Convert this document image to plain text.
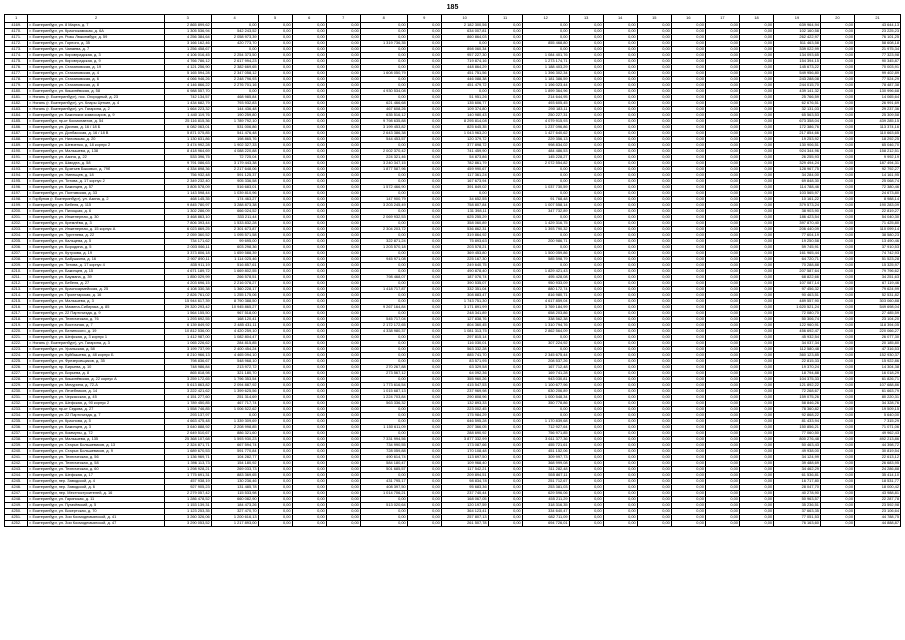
185
1	2	3	4	5	6	7	8	9	10	11	12	13	14	15	16	17	18	19	20	21
4169.	г. Екатеринбург, ул. 8 Марта, д. 7	2 865 899,62	0,00	0,00	0,00	0,00	0,00	0,00	2 182 300,56	0,00	0,00	0,00	0,00	0,00	0,00	0,00	0,00	639 964,94	0,00	43 644,13
4170.	г. Екатеринбург, ул. Краснокамская, д. 6А	1 305 536,94	542 243,52	0,00	0,00	0,00	0,00	0,00	634 007,81	0,00	0,00	0,00	0,00	0,00	0,00	0,00	0,00	102 160,58	0,00	23 225,23
4171.	г. Екатеринбург, ул. Розы Люксембург, д. 59	4 256 384,64	2 058 973,39	0,00	0,00	0,00	0,00	0,00	860 864,03	0,00	0,00	0,00	0,00	0,00	0,00	0,00	0,00	262 422,97	0,00	76 101,25
4172.	г. Екатеринбург, ул. Горного, д. 35	3 166 162,46	420 773,70	0,00	0,00	0,00	1 319 736,35	0,00	0,00	0,00	855 468,80	0,00	0,00	0,00	0,00	0,00	0,00	511 463,58	0,00	58 608,18
4173.	г. Екатеринбург, ул. Чапаева, д. 7	1 256 458,67	0,00	0,00	0,00	0,00	0,00	0,00	898 060,34	0,00	0,00	0,00	0,00	0,00	0,00	0,00	0,00	339 022,99	0,00	21 975,34
4174.	г. Екатеринбург, ул. Кировградская, д. 3	4 106 016,45	2 254 373,50	0,00	0,00	0,00	0,00	0,00	957 227,30	0,00	1 084 401,76	0,00	0,00	0,00	0,00	0,00	0,00	134 093,65	0,00	77 323,98
4175.	г. Екатеринбург, ул. Кировградская, д. 9	4 766 786,12	2 617 994,23	0,00	0,00	0,00	0,00	0,00	719 874,16	0,00	1 273 174,71	0,00	0,00	0,00	0,00	0,00	0,00	154 394,15	0,00	90 345,87
4176.	г. Екатеринбург, ул. Стахановская, д. 19	4 121 256,90	2 382 669,65	0,00	0,00	0,00	0,00	0,00	448 864,29	0,00	1 188 403,29	0,00	0,00	0,00	0,00	0,00	0,00	145 673,22	0,00	70 003,91
4177.	г. Екатеринбург, ул. Стахановская, д. 4	5 165 594,28	2 347 058,12	0,00	0,00	0,00	1 608 050,79	0,00	451 751,56	0,00	1 396 302,34	0,00	0,00	0,00	0,00	0,00	0,00	549 956,80	0,00	99 402,89
4178.	г. Екатеринбург, ул. Стахановская, д. 6	4 066 946,26	2 248 796,93	0,00	0,00	0,00	0,00	0,00	446 088,38	0,00	1 181 386,59	0,00	0,00	0,00	0,00	0,00	0,00	243 288,08	0,00	77 524,29
4179.	г. Екатеринбург, ул. Стахановская, д. 8	4 146 866,22	2 276 701,16	0,00	0,00	0,00	0,00	0,00	451 479,72	0,00	1 196 023,44	0,00	0,00	0,00	0,00	0,00	0,00	244 015,70	0,00	78 487,38
4180.	г. Екатеринбург, ул. Кишинёвская, д. 58	6 988 557,70	0,00	0,00	0,00	0,00	4 930 534,08	0,00	0,00	0,00	1 899 364,96	0,00	0,00	0,00	0,00	0,00	0,00	439 141,32	0,00	130 996,68
4181.	г. Нягань (г. Екатеринбург), пос. Огородный, д. 23	742 134,57	468 985,84	0,00	0,00	0,00	0,00	0,00	51 951,26	0,00	214 644,95	0,00	0,00	0,00	0,00	0,00	0,00	25 766,59	0,00	14 065,64
4182.	г. Нягань (г. Екатеринбург), ул. Клары Цеткин, д. 4	1 434 682,79	793 932,83	0,00	0,00	0,00	621 466,68	0,00	135 606,77	0,00	493 605,45	0,00	0,00	0,00	0,00	0,00	0,00	62 676,51	0,00	26 991,69
4183.	г. Нягань (г. Екатеринбург), ул. Гагарина, д. 2	1 664 223,32	144 436,48	0,00	0,00	0,00	467 608,26	0,00	109 374,80	0,00	290 183,11	0,00	0,00	0,00	0,00	0,00	0,00	32 131,03	0,00	29 237,36
4184.	г. Екатеринбург, ул. Бакинских комиссаров, д. 9	1 440 119,76	190 259,80	0,00	0,00	0,00	635 516,12	0,00	140 980,43	0,00	250 227,31	0,00	0,00	0,00	0,00	0,00	0,00	65 563,53	0,00	25 309,58
4185.	г. Екатеринбург, пр-кт Космонавтов, д. 54	25 116 815,36	1 789 792,10	0,00	0,00	0,00	9 798 635,88	0,00	8 295 814,08	0,00	4 079 915,93	0,00	0,00	0,00	0,00	0,00	0,00	673 358,04	0,00	439 285,15
4186.	г. Екатеринбург, ул. Дачная, д. 16 / 18 Б	6 082 063,01	531 006,86	0,00	0,00	0,00	3 199 453,82	0,00	825 645,35	0,00	1 237 096,86	0,00	0,00	0,00	0,00	0,00	0,00	172 386,76	0,00	113 374,16
4187.	г. Екатеринбург, ул. Донбасская, д. 16 / 18 В	5 871 075,85	541 476,48	0,00	0,00	0,00	2 643 386,38	0,00	1 043 963,20	0,00	1 427 640,62	0,00	0,00	0,00	0,00	0,00	0,00	217 854,66	0,00	110 663,65
4188.	г. Екатеринбург, ул. Ниловская, д. 20	1 130 631,86	198 865,76	0,00	0,00	0,00	544 453,57	0,00	120 379,72	0,00	229 356,13	0,00	0,00	0,00	0,00	0,00	0,00	19 253,92	0,00	18 292,25
4189.	г. Екатеринбург, ул. Шевченко, д. 18 корпус 2	3 474 992,28	1 902 327,33	0,00	0,00	0,00	0,00	0,00	377 898,72	0,00	998 834,02	0,00	0,00	0,00	0,00	0,00	0,00	130 906,51	0,00	65 046,70
4190.	г. Екатеринбург, ул. Малышева, д. 138	8 418 964,69	4 088 220,88	0,00	0,00	0,00	2 002 370,42	0,00	741 459,90	0,00	484 486,53	0,00	0,00	0,00	0,00	0,00	0,00	924 344,96	0,00	158 212,51
4191.	г. Екатеринбург, ул. Азина, д. 22	533 396,75	72 725,04	0,00	0,00	0,00	224 321,46	0,00	54 873,86	0,00	145 228,27	0,00	0,00	0,00	0,00	0,00	0,00	26 255,93	0,00	9 992,19
4192.	г. Екатеринбург, ул. Шмидта, д. 58	9 791 086,63	3 179 443,38	0,00	0,00	0,00	3 240 347,15	0,00	782 861,79	0,00	2 072 554,82	0,00	0,00	0,00	0,00	0,00	0,00	329 494,24	0,00	187 494,31
4193.	г. Екатеринбург, ул. Братьев Быковых, д. 79б	4 334 898,36	2 217 648,06	0,00	0,00	0,00	1 877 587,96	0,00	459 990,67	0,00	0,00	0,00	0,00	0,00	0,00	0,00	0,00	128 967,75	0,00	92 792,27
4194.	г. Екатеринбург, ул. Умельцев, д. 18	756 932,48	591 125,37	0,00	0,00	0,00	0,00	0,00	117 361,24	0,00	0,00	0,00	0,00	0,00	0,00	0,00	0,00	34 284,00	0,00	14 161,95
4195.	г. Екатеринбург, ул. Титова, д. 17 корпус 2	2 349 232,40	905 336,58	0,00	0,00	0,00	0,00	0,00	167 673,94	0,00	0,00	0,00	0,00	0,00	0,00	0,00	0,00	69 848,30	0,00	25 068,74
4196.	г. Екатеринбург, ул. Бакинцев, д. 57	3 805 578,09	516 683,01	0,00	0,00	0,00	1 572 466,90	0,00	391 849,02	0,00	1 037 730,59	0,00	0,00	0,00	0,00	0,00	0,00	114 788,46	0,00	72 380,46
4197.	г. Екатеринбург, ул. Полтавская, д. 33	1 143 598,44	1 039 810,96	0,00	0,00	0,00	0,00	0,00	0,00	0,00	0,00	0,00	0,00	0,00	0,00	0,00	0,00	103 565,97	0,00	24 673,80
4198.	г. Горбунов (г. Екатеринбург), ул. Азина, д. 2	468 145,35	174 463,27	0,00	0,00	0,00	147 900,79	0,00	34 652,55	0,00	91 768,48	0,00	0,00	0,00	0,00	0,00	0,00	10 161,22	0,00	8 988,14
4199.	г. Екатеринбург, ул. Бебеля, д. 115	9 845 780,97	3 288 873,38	0,00	0,00	0,00	3 203 245,49	0,00	758 807,84	0,00	1 007 558,14	0,00	0,00	0,00	0,00	0,00	0,00	379 573,24	0,00	190 283,09
4200.	г. Екатеринбург, ул. Пихоцкая, д. 6	1 302 286,09	666 024,52	0,00	0,00	0,00	0,00	0,00	131 398,11	0,00	347 732,89	0,00	0,00	0,00	0,00	0,00	0,00	38 903,90	0,00	22 819,27
4201.	г. Екатеринбург, ул. Инженерная, д. 30	3 468 863,10	333 211,44	0,00	0,00	0,00	2 069 932,53	0,00	625 255,29	0,00	0,00	0,00	0,00	0,00	0,00	0,00	0,00	186 423,54	0,00	54 040,30
4202.	г. Екатеринбург, ул. Кремлёва, д. 3	7 806 393,44	1 533 832,28	0,00	0,00	0,00	0,00	0,00	358 060,89	0,00	1 429 316,75	0,00	0,00	0,00	0,00	0,00	0,00	397 870,40	0,00	71 425,80
4203.	г. Екатеринбург, ул. Инженерная, д. 15 корпус А	6 023 869,25	2 301 673,87	0,00	0,00	0,00	2 304 203,72	0,00	536 862,31	0,00	1 393 790,32	0,00	0,00	0,00	0,00	0,00	0,00	206 440,09	0,00	110 099,14
4204.	г. Екатеринбург, ул. Тургенева, д. 22	2 059 360,52	1 095 571,58	0,00	0,00	0,00	0,00	0,00	319 864,92	0,00	0,00	0,00	0,00	0,00	0,00	0,00	0,00	77 604,19	0,00	38 580,23
4205.	г. Екатеринбург, ул. Кальцева, д. 5	734 171,62	99 695,00	0,00	0,00	0,00	322 871,24	0,00	75 893,63	0,00	200 986,71	0,00	0,00	0,00	0,00	0,00	0,00	19 250,58	0,00	13 490,46
4206.	г. Екатеринбург, ул. Бородина, д. 5	2 003 066,11	603 298,36	0,00	0,00	0,00	1 203 570,18	0,00	203 578,21	0,00	0,00	0,00	0,00	0,00	0,00	0,00	0,00	59 745,91	0,00	37 910,53
4207.	г. Екатеринбург, ул. Кутузова, д. 19	3 373 806,18	1 659 588,39	0,00	0,00	0,00	0,00	0,00	369 453,80	0,00	1 500 059,86	0,00	0,00	0,00	0,00	0,00	0,00	161 965,44	0,00	74 742,93
4208.	г. Екатеринбург, ул. Бабушкина, д. 16	2 907 890,11	1 114 025,46	0,00	0,00	0,00	945 971,08	0,00	225 167,30	0,00	585 598,79	0,00	0,00	0,00	0,00	0,00	0,00	64 720,71	0,00	51 523,28
4209.	г. Екатеринбург, ул. Титова, д. 17 корпус 4	835 911,19	516 857,61	0,00	0,00	0,00	0,00	0,00	249 640,75	0,00	0,00	0,00	0,00	0,00	0,00	0,00	0,00	70 288,88	0,00	15 325,97
4210.	г. Екатеринбург, ул. Бакинцев, д. 15	4 671 189,72	1 669 802,55	0,00	0,00	0,00	0,00	0,00	490 878,40	0,00	1 829 421,43	0,00	0,00	0,00	0,00	0,00	0,00	207 587,64	0,00	79 796,62
4211.	г. Екатеринбург, ул. Баумана, д. 39	1 850 029,99	266 578,51	0,00	0,00	0,00	798 468,07	0,00	187 076,74	0,00	495 428,08	0,00	0,00	0,00	0,00	0,00	0,00	68 822,66	0,00	34 251,63
4212.	г. Екатеринбург, ул. Бебеля, д. 27	4 203 696,15	2 216 078,27	0,00	0,00	0,00	0,00	0,00	390 535,07	0,00	950 933,09	0,00	0,00	0,00	0,00	0,00	0,00	107 087,14	0,00	67 119,46
4213.	г. Екатеринбург, ул. Красноармейская, д. 25	4 108 330,38	1 360 228,17	0,00	0,00	0,00	1 418 717,87	0,00	332 351,04	0,00	880 172,74	0,00	0,00	0,00	0,00	0,00	0,00	97 456,32	0,00	79 624,99
4214.	г. Екатеринбург, ул. Пролетарская, д. 16	2 826 761,02	1 255 175,06	0,00	0,00	0,00	0,00	0,00	308 883,47	0,00	816 980,71	0,00	0,00	0,00	0,00	0,00	0,00	90 463,51	0,00	52 531,82
4215.	г. Екатеринбург, ул. Малышева, д. 3	15 944 617,39	8 790 388,50	0,00	0,00	0,00	0,00	0,00	1 743 751,30	0,00	4 617 859,04	0,00	0,00	0,00	0,00	0,00	0,00	489 557,90	0,00	303 060,88
4216.	г. Екатеринбург, ул. Мамина-Сибиряка, д. 85	29 320 293,42	10 945 865,27	0,00	0,00	0,00	9 267 164,84	0,00	3 171 891,99	0,00	3 769 184,99	0,00	0,00	0,00	0,00	0,00	0,00	1 620 521,24	0,00	549 698,04
4217.	г. Екатеринбург, ул. 22 Партсъезда, д. 9	1 564 155,50	967 518,00	0,00	0,00	0,00	0,00	0,00	248 341,89	0,00	658 203,86	0,00	0,00	0,00	0,00	0,00	0,00	72 080,70	0,00	27 485,59
4218.	г. Екатеринбург, ул. Техническая, д. 76	1 293 692,55	168 120,41	0,00	0,00	0,00	545 717,04	0,00	127 838,76	0,00	338 562,38	0,00	0,00	0,00	0,00	0,00	0,00	50 306,74	0,00	23 104,20
4219.	г. Екатеринбург, ул. Восточная, д. 7	6 139 849,92	2 485 431,11	0,00	0,00	0,00	2 172 172,65	0,00	804 360,45	0,00	1 310 794,76	0,00	0,00	0,00	0,00	0,00	0,00	122 960,91	0,00	118 394,05
4220.	г. Екатеринбург, ул. Белинского, д. 19	10 812 536,00	4 420 259,10	0,00	0,00	0,00	4 338 980,37	0,00	1 081 313,75	0,00	2 862 564,09	0,00	0,00	0,00	0,00	0,00	0,00	456 692,47	0,00	220 066,27
4221.	г. Екатеринбург, ул. Шефская, д. 3 корпус 1	1 412 987,00	1 082 804,47	0,00	0,00	0,00	0,00	0,00	297 815,14	0,00	0,00	0,00	0,00	0,00	0,00	0,00	0,00	45 932,54	0,00	26 077,30
4222.	г. Нягань (г. Екатеринбург), ул. Гагарина, д. 3	1 065 226,62	284 815,85	0,00	0,00	0,00	0,00	0,00	116 030,01	0,00	307 224,92	0,00	0,00	0,00	0,00	0,00	0,00	34 037,34	0,00	20 185,80
4223.	г. Екатеринбург, ул. Уральская, д. 58	3 199 737,99	2 400 454,24	0,00	0,00	0,00	0,00	0,00	563 332,28	0,00	0,00	0,00	0,00	0,00	0,00	0,00	0,00	112 580,48	0,00	47 316,53
4224.	г. Екатеринбург, ул. Куйбышева, д. 48 корпус Б	8 210 966,13	4 465 094,10	0,00	0,00	0,00	0,00	0,00	885 741,70	0,00	2 345 675,44	0,00	0,00	0,00	0,00	0,00	0,00	360 123,85	0,00	152 930,37
4225.	г. Екатеринбург, ул. Фрезеровщиков, д. 35	798 836,67	548 968,10	0,00	0,00	0,00	0,00	0,00	83 571,95	0,00	208 537,26	0,00	0,00	0,00	0,00	0,00	0,00	22 815,33	0,00	15 922,86
4226.	г. Екатеринбург, пр. Бирьева, д. 10	748 986,84	213 972,72	0,00	0,00	0,00	270 267,88	0,00	63 329,58	0,00	167 712,48	0,00	0,00	0,00	0,00	0,00	0,00	19 370,24	0,00	14 304,38
4227.	г. Екатеринбург, ул. Бирьева, д. 8	865 818,98	321 180,70	0,00	0,00	0,00	273 567,12	0,00	64 092,36	0,00	169 741,28	0,00	0,00	0,00	0,00	0,00	0,00	18 794,88	0,00	16 018,29
4228.	г. Екатеринбург, ул. Кишинёвская, д. 22 корпус А	3 259 172,65	1 796 353,54	0,00	0,00	0,00	0,00	0,00	355 960,26	0,00	943 030,81	0,00	0,00	0,00	0,00	0,00	0,00	104 375,33	0,00	61 826,71
4229.	г. Екатеринбург, ул. Мичурина, д. 72-А	5 613 863,82	2 094 887,92	0,00	0,00	0,00	1 773 616,54	0,00	415 547,53	0,00	1 100 677,96	0,00	0,00	0,00	0,00	0,00	0,00	121 892,22	0,00	107 688,86
4230.	г. Екатеринбург, ул. Лечебников, д. 14	3 222 421,62	1 399 625,56	0,00	0,00	0,00	1 015 687,13	0,00	237 969,98	0,00	630 206,89	0,00	0,00	0,00	0,00	0,00	0,00	72 268,67	0,00	61 663,79
4231.	г. Екатеринбург, ул. Черкасская, д. 45	4 151 277,60	251 314,69	0,00	0,00	0,00	1 224 703,84	0,00	290 808,96	0,00	1 000 548,34	0,00	0,00	0,00	0,00	0,00	0,00	159 075,26	0,00	80 220,31
4232.	г. Екатеринбург, ул. Шефская, д. 90 корпус 2	1 789 450,85	467 717,74	0,00	0,00	0,00	563 336,32	0,00	132 893,33	0,00	350 778,86	0,00	0,00	0,00	0,00	0,00	0,00	58 846,26	0,00	34 328,76
4233.	г. Екатеринбург, пр-кт Седова, д. 27	1 558 746,85	1 006 522,62	0,00	0,00	0,00	0,00	0,00	223 002,45	0,00	0,00	0,00	0,00	0,00	0,00	0,00	0,00	78 360,82	0,00	19 509,15
4234.	г. Екатеринбург, ул. 22 Партсъезда, д. 7	293 137,97	0,00	0,00	0,00	0,00	0,00	0,00	175 984,29	0,00	0,00	0,00	0,00	0,00	0,00	0,00	0,00	92 868,22	0,00	5 640,00
4235.	г. Екатеринбург, ул. Краснова, д. 5	4 663 475,48	1 339 309,69	0,00	0,00	0,00	0,00	0,00	646 595,28	0,00	1 170 839,68	0,00	0,00	0,00	0,00	0,00	0,00	81 433,94	0,00	7 315,29
4236.	г. Екатеринбург, ул. Бакинцев, д. 3	3 640 888,92	2 208 998,85	0,00	0,00	0,00	1 150 611,09	0,00	207 366,05	0,00	712 927,64	0,00	0,00	0,00	0,00	0,00	0,00	150 856,21	0,00	71 071,06
4237.	г. Екатеринбург, ул. Коммуны, д. 72	2 649 510,67	886 321,60	0,00	0,00	0,00	0,00	0,00	288 690,92	0,00	756 971,85	0,00	0,00	0,00	0,00	0,00	0,00	77 060,50	0,00	49 962,43
4238.	г. Екатеринбург, ул. Малышева, д. 135	25 368 107,68	1 593 930,23	0,00	0,00	0,00	7 331 994,56	0,00	3 877 332,99	0,00	3 611 377,36	0,00	0,00	0,00	0,00	0,00	0,00	800 276,48	0,00	492 213,86
4239.	г. Екатеринбург, ул. Старых Большевиков, д. 13	2 324 871,71	667 594,74	0,00	0,00	0,00	734 990,55	0,00	173 087,66	0,00	455 721,61	0,00	0,00	0,00	0,00	0,00	0,00	50 463,43	0,00	44 398,72
4240.	г. Екатеринбург, ул. Старых Большевиков, д. 9	1 689 670,53	591 770,84	0,00	0,00	0,00	728 059,88	0,00	170 108,48	0,00	451 152,06	0,00	0,00	0,00	0,00	0,00	0,00	49 938,00	0,00	30 819,54
4241.	г. Екатеринбург, ул. Техническая, д. 56	1 136 969,71	104 282,77	0,00	0,00	0,00	490 614,74	0,00	113 697,50	0,00	309 997,73	0,00	0,00	0,00	0,00	0,00	0,00	34 124,99	0,00	22 613,12
4242.	г. Екатеринбург, ул. Техническая, д. 58	1 396 113,73	154 180,92	0,00	0,00	0,00	584 180,47	0,00	109 968,40	0,00	368 999,08	0,00	0,00	0,00	0,00	0,00	0,00	39 488,69	0,00	26 683,95
4243.	г. Екатеринбург, ул. Техническая, д. 60	1 298 928,21	269 033,73	0,00	0,00	0,00	501 685,57	0,00	117 542,21	0,00	311 282,48	0,00	0,00	0,00	0,00	0,00	0,00	34 462,29	0,00	24 286,88
4244.	г. Екатеринбург, ул. Шефская, д. 17	1 775 691,31	883 369,65	0,00	0,00	0,00	0,00	0,00	209 894,51	0,00	555 867,11	0,00	0,00	0,00	0,00	0,00	0,00	61 536,81	0,00	35 414,10
4245.	г. Екатеринбург, пер. Заводской, д. 4	457 938,19	130 236,46	0,00	0,00	0,00	431 795,17	0,00	98 834,78	0,00	251 712,67	0,00	0,00	0,00	0,00	0,00	0,00	16 717,80	0,00	18 531,77
4246.	г. Екатеринбург, пер. Заводской, д. 6	927 905,23	131 485,78	0,00	0,00	0,00	408 397,50	0,00	95 683,36	0,00	253 381,03	0,00	0,00	0,00	0,00	0,00	0,00	28 047,70	0,00	18 000,42
4247.	г. Екатеринбург, пер. Местностроителей, д. 16	2 279 057,42	115 533,98	0,00	0,00	0,00	1 014 706,21	0,00	237 740,44	0,00	629 596,06	0,00	0,00	0,00	0,00	0,00	0,00	40 278,90	0,00	43 988,81
4248.	г. Екатеринбург, ул. Гаринская, д. 11	1 286 478,52	660 082,90	0,00	0,00	0,00	0,00	0,00	168 067,05	0,00	455 211,29	0,00	0,00	0,00	0,00	0,00	0,00	50 963,57	0,00	22 287,78
4249.	г. Екатеринбург, ул. Пугачёвский, д. 5	1 153 139,31	184 473,26	0,00	0,00	0,00	513 020,64	0,00	120 197,59	0,00	318 316,35	0,00	0,00	0,00	0,00	0,00	0,00	35 236,51	0,00	23 592,98
4250.	г. Екатеринбург, ул. Бисертская, д. 70	1 123 253,35	327 470,70	0,00	0,00	0,00	0,00	0,00	364 123,41	0,00	334 640,47	0,00	0,00	0,00	0,00	0,00	0,00	37 663,35	0,00	23 106,64
4251.	г. Екатеринбург, ул. Зои Космодемьянской, д. 41	3 260 326,06	1 200 616,13	0,00	0,00	0,00	0,00	0,00	257 807,13	0,00	682 711,09	0,00	0,00	0,00	0,00	0,00	0,00	77 051,53	0,00	44 788,75
4252.	г. Екатеринбург, ул. Зои Космодемьянской, д. 47	3 290 053,52	1 217 893,00	0,00	0,00	0,00	0,00	0,00	261 507,78	0,00	694 726,01	0,00	0,00	0,00	0,00	0,00	0,00	76 163,60	0,00	44 888,87
